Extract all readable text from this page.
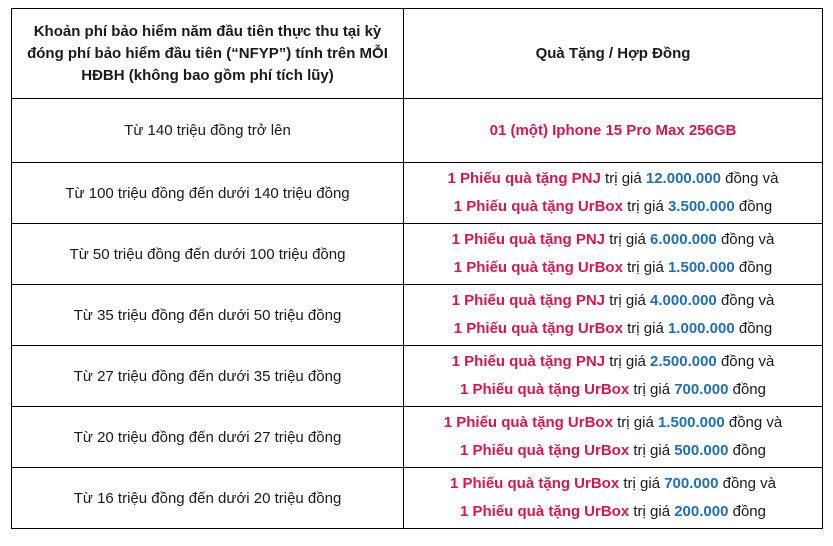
Khoản phí bảo hiểm năm đầu tiên thực thu tại kỳ đóng phí bảo hiểm đầu tiên (“NFYP”) tính trên MỖI HĐBH (không bao gồm phí tích lũy)	Quà Tặng / Hợp Đồng
Từ 140 triệu đồng trở lên	01 (một) Iphone 15 Pro Max 256GB
Từ 100 triệu đồng đến dưới 140 triệu đồng	1 Phiếu quà tặng PNJ trị giá 12.000.000 đồng và
1 Phiếu quà tặng UrBox trị giá 3.500.000 đồng

Từ 50 triệu đồng đến dưới 100 triệu đồng	1 Phiếu quà tặng PNJ trị giá 6.000.000 đồng và
1 Phiếu quà tặng UrBox trị giá 1.500.000 đồng

Từ 35 triệu đồng đến dưới 50 triệu đồng	1 Phiếu quà tặng PNJ trị giá 4.000.000 đồng và
1 Phiếu quà tặng UrBox trị giá 1.000.000 đồng

Từ 27 triệu đồng đến dưới 35 triệu đồng	1 Phiếu quà tặng PNJ trị giá 2.500.000 đồng và
1 Phiếu quà tặng UrBox trị giá 700.000 đồng

Từ 20 triệu đồng đến dưới 27 triệu đồng	1 Phiếu quà tặng UrBox trị giá 1.500.000 đồng và
1 Phiếu quà tặng UrBox trị giá 500.000 đồng

Từ 16 triệu đồng đến dưới 20 triệu đồng	1 Phiếu quà tặng UrBox trị giá 700.000 đồng và
1 Phiếu quà tặng UrBox trị giá 200.000 đồng
